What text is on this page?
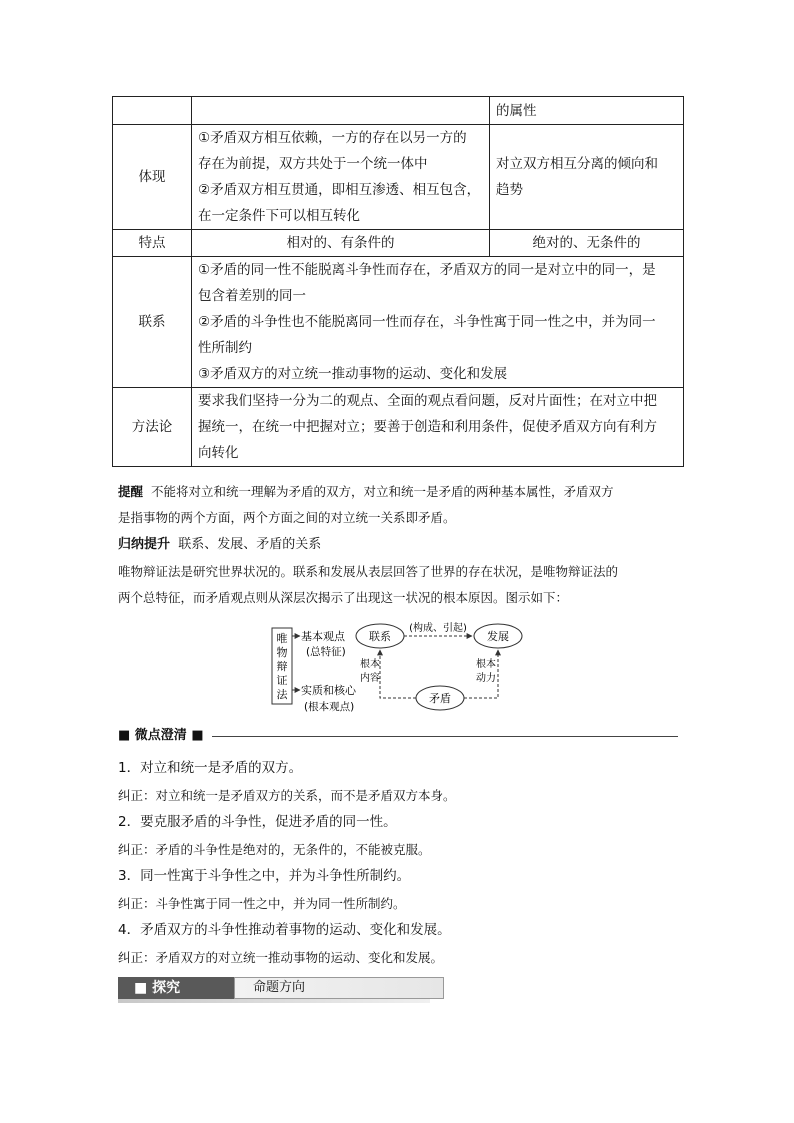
		的属性
体现	①矛盾双方相互依赖，一方的存在以另一方的
存在为前提，双方共处于一个统一体中
②矛盾双方相互贯通，即相互渗透、相互包含，
在一定条件下可以相互转化	对立双方相互分离的倾向和
趋势

特点	相对的、有条件的	绝对的、无条件的
联系	①矛盾的同一性不能脱离斗争性而存在，矛盾双方的同一是对立中的同一，是
包含着差别的同一
②矛盾的斗争性也不能脱离同一性而存在，斗争性寓于同一性之中，并为同一
性所制约
③矛盾双方的对立统一推动事物的运动、变化和发展	

方法论	要求我们坚持一分为二的观点、全面的观点看问题，反对片面性；在对立中把
握统一，在统一中把握对立；要善于创造和利用条件，促使矛盾双方向有利方
向转化	
提醒 不能将对立和统一理解为矛盾的双方，对立和统一是矛盾的两种基本属性，矛盾双方
是指事物的两个方面，两个方面之间的对立统一关系即矛盾。
归纳提升 联系、发展、矛盾的关系
唯物辩证法是研究世界状况的。联系和发展从表层回答了世界的存在状况，是唯物辩证法的
两个总特征，而矛盾观点则从深层次揭示了出现这一状况的根本原因。图示如下：
唯
物
辩
证
法
基本观点
(总特征)
实质和核心
(根本观点)
联系	发展
矛盾
(构成、引起)
根本
内容
根本
动力
■ 微点澄清 ■
1．对立和统一是矛盾的双方。
纠正：对立和统一是矛盾双方的关系，而不是矛盾双方本身。
2．要克服矛盾的斗争性，促进矛盾的同一性。
纠正：矛盾的斗争性是绝对的，无条件的，不能被克服。
3．同一性寓于斗争性之中，并为斗争性所制约。
纠正：斗争性寓于同一性之中，并为同一性所制约。
4．矛盾双方的斗争性推动着事物的运动、变化和发展。
纠正：矛盾双方的对立统一推动事物的运动、变化和发展。
■ 探究	命题方向
